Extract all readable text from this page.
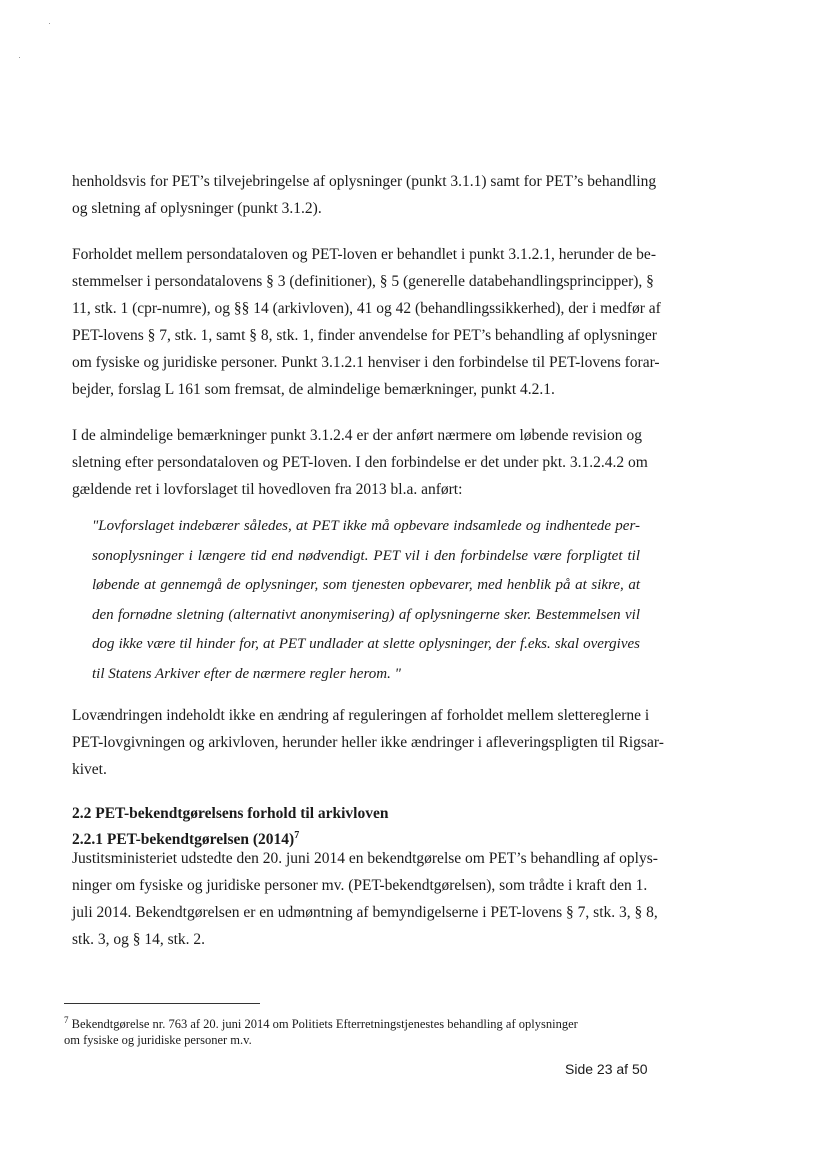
henholdsvis for PET’s tilvejebringelse af oplysninger (punkt 3.1.1) samt for PET’s behandling
og sletning af oplysninger (punkt 3.1.2).
Forholdet mellem persondataloven og PET-loven er behandlet i punkt 3.1.2.1, herunder de be-
stemmelser i persondatalovens § 3 (definitioner), § 5 (generelle databehandlingsprincipper), §
11, stk. 1 (cpr-numre), og §§ 14 (arkivloven), 41 og 42 (behandlingssikkerhed), der i medfør af
PET-lovens § 7, stk. 1, samt § 8, stk. 1, finder anvendelse for PET’s behandling af oplysninger
om fysiske og juridiske personer. Punkt 3.1.2.1 henviser i den forbindelse til PET-lovens forar-
bejder, forslag L 161 som fremsat, de almindelige bemærkninger, punkt 4.2.1.
I de almindelige bemærkninger punkt 3.1.2.4 er der anført nærmere om løbende revision og
sletning efter persondataloven og PET-loven. I den forbindelse er det under pkt. 3.1.2.4.2 om
gældende ret i lovforslaget til hovedloven fra 2013 bl.a. anført:
"Lovforslaget indebærer således, at PET ikke må opbevare indsamlede og indhentede per-
sonoplysninger i længere tid end nødvendigt. PET vil i den forbindelse være forpligtet til
løbende at gennemgå de oplysninger, som tjenesten opbevarer, med henblik på at sikre, at
den fornødne sletning (alternativt anonymisering) af oplysningerne sker. Bestemmelsen vil
dog ikke være til hinder for, at PET undlader at slette oplysninger, der f.eks. skal overgives
til Statens Arkiver efter de nærmere regler herom. "
Lovændringen indeholdt ikke en ændring af reguleringen af forholdet mellem slettereglerne i
PET-lovgivningen og arkivloven, herunder heller ikke ændringer i afleveringspligten til Rigsar-
kivet.
2.2 PET-bekendtgørelsens forhold til arkivloven
2.2.1 PET-bekendtgørelsen $(2014)^7$
Justitsministeriet udstedte den 20. juni 2014 en bekendtgørelse om PET’s behandling af oplys-
ninger om fysiske og juridiske personer mv. (PET-bekendtgørelsen), som trådte i kraft den 1.
juli 2014. Bekendtgørelsen er en udmøntning af bemyndigelserne i PET-lovens § 7, stk. 3, § 8,
stk. 3, og § 14, stk. 2.
$^7$ Bekendtgørelse nr. 763 af 20. juni 2014 om Politiets Efterretningstjenestes behandling af oplysninger
om fysiske og juridiske personer m.v.
Side 23 af 50
